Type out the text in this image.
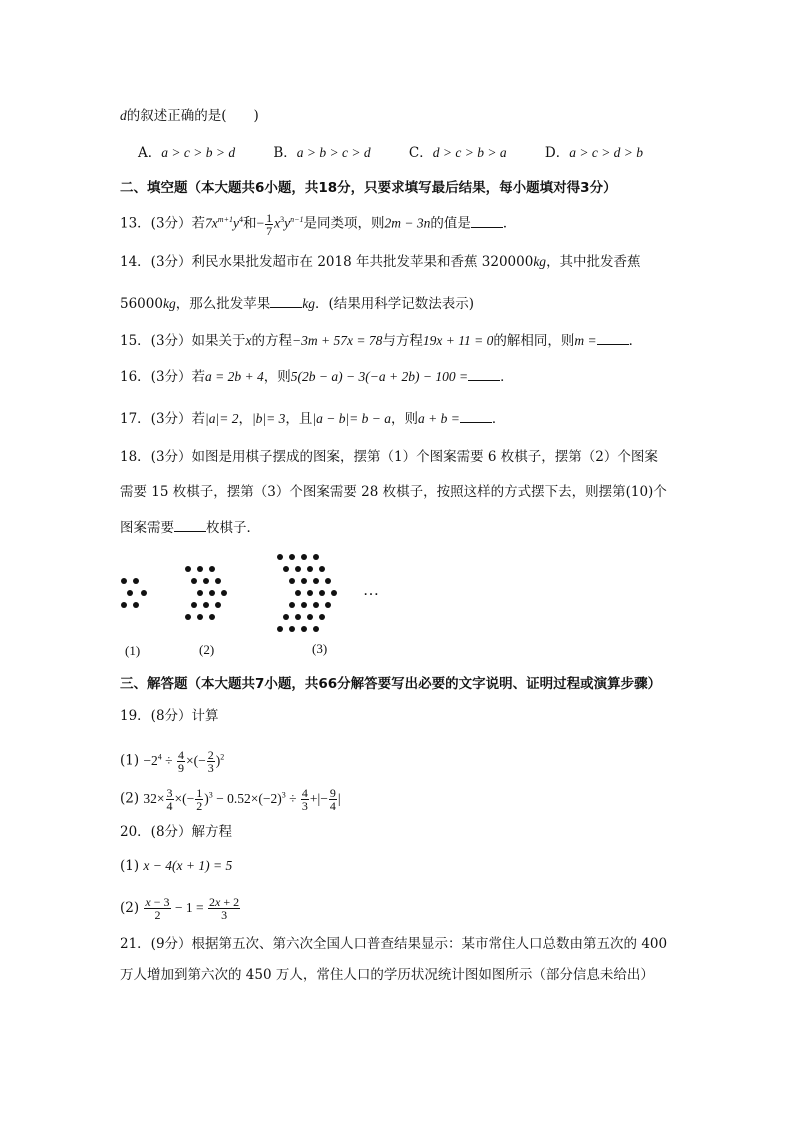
d的叙述正确的是(　　)
A．a > c > b > d	B．a > b > c > d	C．d > c > b > a	D．a > c > d > b
二、填空题（本大题共6小题，共18分，只要求填写最后结果，每小题填对得3分）
13．(3分）若$7x^{m+1}y^4$和− $\frac{1}{7} x^3y^{n-1}$是同类项，则2m − 3n的值是 ．
14．(3分）利民水果批发超市在 2018 年共批发苹果和香蕉 320000kg，其中批发香蕉
56000kg，那么批发苹果 kg．(结果用科学记数法表示)
15．(3分）如果关于x的方程−3m + 57x = 78与方程19x + 11 = 0的解相同，则m = ．
16．(3分）若a = 2b + 4，则5(2b − a) − 3(−a + 2b) − 100 = ．
17．(3分）若|a|= 2，|b|= 3，且|a − b|= b − a，则a + b = ．
18．(3分）如图是用棋子摆成的图案，摆第（1）个图案需要 6 枚棋子，摆第（2）个图案
需要 15 枚棋子，摆第（3）个图案需要 28 枚棋子，按照这样的方式摆下去，则摆第(10)个
图案需要 枚棋子．
…
(1)	(2)	(3)
三、解答题（本大题共7小题，共66分解答要写出必要的文字说明、证明过程或演算步骤）
19．(8分）计算
$(1) -2^4 \div \frac{4}{9}$ ×(− $\frac{2}{3} )^2$
(2) $32\times \frac{3}{4}$ ×(− $\frac{1}{2} )^3 - 0.52\times(-2)^3 \div \frac{4}{3}$ +|− $\frac{9}{4}$ |
20．(8分）解方程
(1) x − 4(x + 1) = 5
$(2) \frac{x - 3}{2} - 1 = \frac{2x + 2}{3}$
21．(9分）根据第五次、第六次全国人口普查结果显示：某市常住人口总数由第五次的 400
万人增加到第六次的 450 万人，常住人口的学历状况统计图如图所示（部分信息未给出）
